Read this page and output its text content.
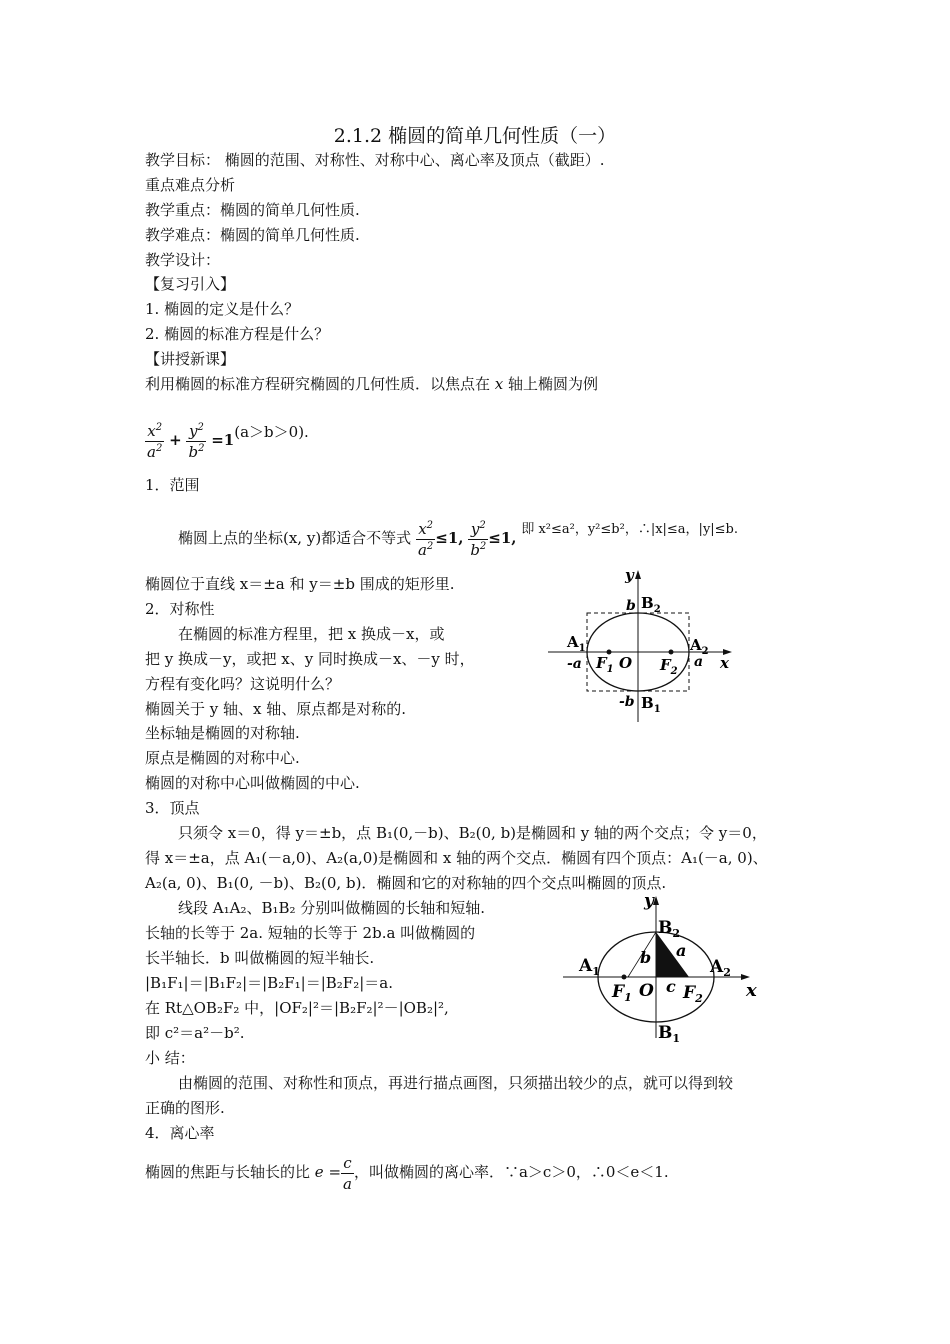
2.1.2 椭圆的简单几何性质（一）
教学目标： 椭圆的范围、对称性、对称中心、离心率及顶点（截距）.
重点难点分析
教学重点：椭圆的简单几何性质.
教学难点：椭圆的简单几何性质.
教学设计：
【复习引入】
1. 椭圆的定义是什么？
2. 椭圆的标准方程是什么？
【讲授新课】
利用椭圆的标准方程研究椭圆的几何性质．以焦点在 x 轴上椭圆为例
$\frac{x^2}{a^2} + \frac{y^2}{b^2} =1(a>b>0)$.
1．范围
椭圆上点的坐标(x, y)都适合不等式 $\frac{x^2}{a^2} \le 1$, $\frac{y^2}{b^2} \le 1$, 即 x²≤a²，y²≤b²，∴|x|≤a，|y|≤b.
椭圆位于直线 x＝±a 和 y＝±b 围成的矩形里.
2．对称性
在椭圆的标准方程里，把 x 换成－x，或
把 y 换成－y，或把 x、y 同时换成－x、－y 时，
方程有变化吗？这说明什么？
椭圆关于 y 轴、x 轴、原点都是对称的.
坐标轴是椭圆的对称轴.
原点是椭圆的对称中心.
椭圆的对称中心叫做椭圆的中心.
3．顶点
只须令 x＝0，得 y＝±b，点 B₁(0,－b)、B₂(0, b)是椭圆和 y 轴的两个交点；令 y＝0，
得 x＝±a，点 A₁(－a,0)、A₂(a,0)是椭圆和 x 轴的两个交点．椭圆有四个顶点：A₁(－a, 0)、
A₂(a, 0)、B₁(0, －b)、B₂(0, b)．椭圆和它的对称轴的四个交点叫椭圆的顶点.
线段 A₁A₂、B₁B₂ 分别叫做椭圆的长轴和短轴.
长轴的长等于 2a. 短轴的长等于 2b.a 叫做椭圆的
长半轴长．b 叫做椭圆的短半轴长.
|B₁F₁|＝|B₁F₂|＝|B₂F₁|＝|B₂F₂|＝a.
在 Rt△OB₂F₂ 中，|OF₂|²＝|B₂F₂|²－|OB₂|²,
即 c²＝a²－b².
小 结：
由椭圆的范围、对称性和顶点，再进行描点画图，只须描出较少的点，就可以得到较
正确的图形.
4．离心率
椭圆的焦距与长轴长的比 $e = \frac{c}{a}$ ，叫做椭圆的离心率．∵a＞c＞0，∴0＜e＜1.
y
x
b $B_2$
-b $B_1$
$A_1$
-a
$A_2$
a
$F_1$ O $F_2$
y
x
$B_2$
$B_1$
$A_1$	$A_2$
$F_1$	$F_2$
O
b a
c
